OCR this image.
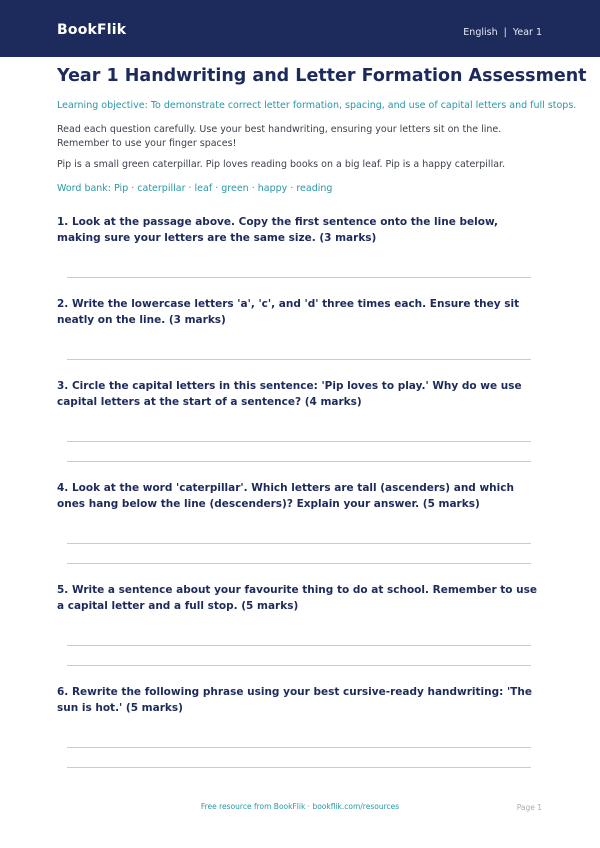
BookFlik	English | Year 1
Year 1 Handwriting and Letter Formation Assessment
Learning objective: To demonstrate correct letter formation, spacing, and use of capital letters and full stops.
Read each question carefully. Use your best handwriting, ensuring your letters sit on the line. Remember to use your finger spaces!
Pip is a small green caterpillar. Pip loves reading books on a big leaf. Pip is a happy caterpillar.
Word bank: Pip · caterpillar · leaf · green · happy · reading
1. Look at the passage above. Copy the first sentence onto the line below, making sure your letters are the same size. (3 marks)
2. Write the lowercase letters 'a', 'c', and 'd' three times each. Ensure they sit neatly on the line. (3 marks)
3. Circle the capital letters in this sentence: 'Pip loves to play.' Why do we use capital letters at the start of a sentence? (4 marks)
4. Look at the word 'caterpillar'. Which letters are tall (ascenders) and which ones hang below the line (descenders)? Explain your answer. (5 marks)
5. Write a sentence about your favourite thing to do at school. Remember to use a capital letter and a full stop. (5 marks)
6. Rewrite the following phrase using your best cursive-ready handwriting: 'The sun is hot.' (5 marks)
Free resource from BookFlik · bookflik.com/resources	Page 1
